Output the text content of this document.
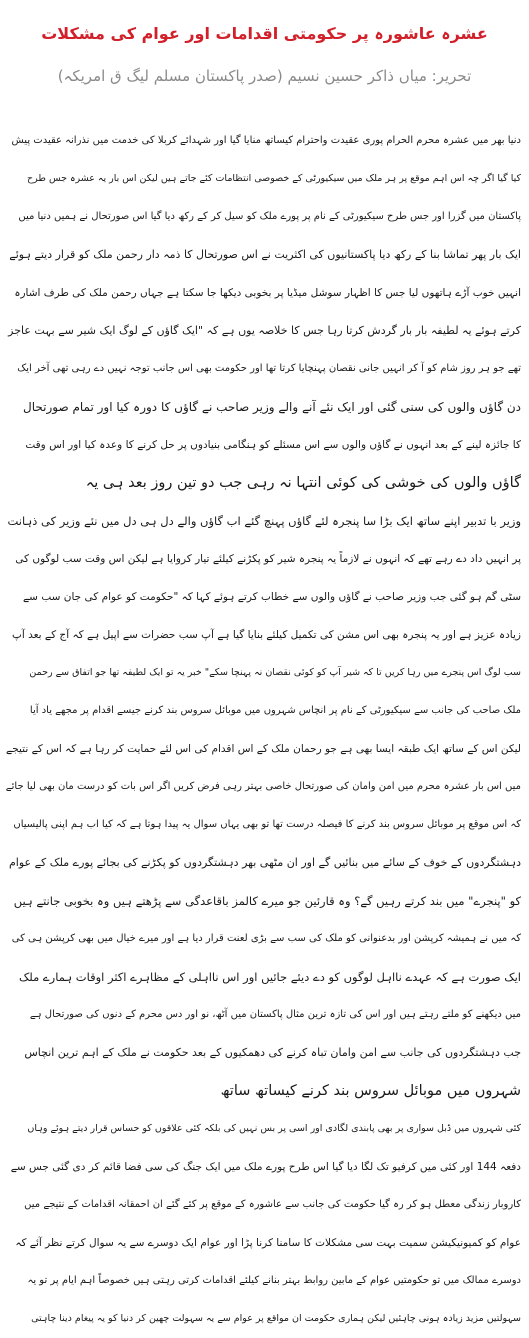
عشرہ عاشورہ پر حکومتی اقدامات اور عوام کی مشکلات
تحریر: میاں ذاکر حسین نسیم (صدر پاکستان مسلم لیگ ق امریکہ)
دنیا بھر میں عشرہ محرم الحرام پوری عقیدت واحترام کیساتھ منایا گیا اور شہدائے کربلا کی خدمت میں نذرانہ عقیدت پیش
کیا گیا اگر چہ اس اہم موقع پر ہر ملک میں سیکیورٹی کے خصوصی انتظامات کئے جاتے ہیں لیکن اس بار یہ عشرہ جس طرح
پاکستان میں گزرا اور جس طرح سیکیورٹی کے نام پر پورے ملک کو سیل کر کے رکھ دیا گیا اس صورتحال نے ہمیں دنیا میں
ایک بار پھر تماشا بنا کے رکھ دیا پاکستانیوں کی اکثریت نے اس صورتحال کا ذمہ دار رحمن ملک کو قرار دیتے ہوئے
انہیں خوب آڑے ہاتھوں لیا جس کا اظہار سوشل میڈیا پر بخوبی دیکھا جا سکتا ہے جہاں رحمن ملک کی طرف اشارہ
کرتے ہوئے یہ لطیفہ بار بار گردش کرتا رہا جس کا خلاصہ یوں ہے کہ "ایک گاؤں کے لوگ ایک شیر سے بہت عاجز
تھے جو ہر روز شام کو آ کر انہیں جانی نقصان پہنچایا کرتا تھا اور حکومت بھی اس جانب توجہ نہیں دے رہی تھی آخر ایک
دن گاؤں والوں کی سنی گئی اور ایک نئے آنے والے وزیر صاحب نے گاؤں کا دورہ کیا اور تمام صورتحال
کا جائزہ لینے کے بعد انہوں نے گاؤں والوں سے اس مسئلے کو ہنگامی بنیادوں پر حل کرنے کا وعدہ کیا اور اس وقت
گاؤں والوں کی خوشی کی کوئی انتہا نہ رہی جب دو تین روز بعد ہی یہ
وزیر با تدبیر اپنے ساتھ ایک بڑا سا پنجرہ لئے گاؤں پہنچ گئے اب گاؤں والے دل ہی دل میں نئے وزیر کی ذہانت
پر انہیں داد دے رہے تھے کہ انہوں نے لازماً یہ پنجرہ شیر کو پکڑنے کیلئے تیار کروایا ہے لیکن اس وقت سب لوگوں کی
سٹی گم ہو گئی جب وزیر صاحب نے گاؤں والوں سے خطاب کرتے ہوئے کہا کہ "حکومت کو عوام کی جان سب سے
زیادہ عزیز ہے اور یہ پنجرہ بھی اس مشن کی تکمیل کیلئے بنایا گیا ہے آپ سب حضرات سے اپیل ہے کہ آج کے بعد آپ
سب لوگ اس پنجرے میں رہا کریں تا کہ شیر آپ کو کوئی نقصان نہ پہنچا سکے" خبر یہ تو ایک لطیفہ تھا جو اتفاق سے رحمن
ملک صاحب کی جانب سے سیکیورٹی کے نام پر انچاس شہروں میں موبائل سروس بند کرنے جیسے اقدام پر مجھے یاد آیا
لیکن اس کے ساتھ ایک طبقہ ایسا بھی ہے جو رحمان ملک کے اس اقدام کی اس لئے حمایت کر رہا ہے کہ اس کے نتیجے
میں اس بار عشرہ محرم میں امن وامان کی صورتحال خاصی بہتر رہی فرض کریں اگر اس بات کو درست مان بھی لیا جائے
کہ اس موقع پر موبائل سروس بند کرنے کا فیصلہ درست تھا تو بھی یہاں سوال یہ پیدا ہوتا ہے کہ کیا اب ہم اپنی پالیسیاں
دہشتگردوں کے خوف کے سائے میں بنائیں گے اور ان مٹھی بھر دہشتگردوں کو پکڑنے کی بجائے پورے ملک کے عوام
کو "پنجرے" میں بند کرتے رہیں گے؟ وہ قارئین جو میرے کالمز باقاعدگی سے پڑھتے ہیں وہ بخوبی جانتے ہیں
کہ میں نے ہمیشہ کرپشن اور بدعنوانی کو ملک کی سب سے بڑی لعنت قرار دیا ہے اور میرے خیال میں بھی کرپشن ہی کی
ایک صورت ہے کہ عہدے نااہل لوگوں کو دے دیئے جائیں اور اس نااہلی کے مظاہرے اکثر اوقات ہمارے ملک
میں دیکھنے کو ملتے رہتے ہیں اور اس کی تازہ ترین مثال پاکستان میں آٹھ، نو اور دس محرم کے دنوں کی صورتحال ہے
جب دہشتگردوں کی جانب سے امن وامان تباہ کرنے کی دھمکیوں کے بعد حکومت نے ملک کے اہم ترین انچاس
شہروں میں موبائل سروس بند کرنے کیساتھ ساتھ
کئی شہروں میں ڈبل سواری پر بھی پابندی لگادی اور اسی پر بس نہیں کی بلکہ کئی علاقوں کو حساس قرار دیتے ہوئے وہاں
دفعہ 144 اور کئی میں کرفیو تک لگا دیا گیا اس طرح پورے ملک میں ایک جنگ کی سی فضا قائم کر دی گئی جس سے
کاروبار زندگی معطل ہو کر رہ گیا حکومت کی جانب سے عاشورہ کے موقع پر کئے گئے ان احمقانہ اقدامات کے نتیجے میں
عوام کو کمیونیکیشن سمیت بہت سی مشکلات کا سامنا کرنا پڑا اور عوام ایک دوسرے سے یہ سوال کرتے نظر آئے کہ
دوسرے ممالک میں تو حکومتیں عوام کے مابین روابط بہتر بنانے کیلئے اقدامات کرتی رہتی ہیں خصوصاً اہم ایام پر تو یہ
سہولتیں مزید زیادہ ہونی چاہئیں لیکن ہماری حکومت ان مواقع پر عوام سے یہ سہولت چھین کر دنیا کو یہ پیغام دینا چاہتی
